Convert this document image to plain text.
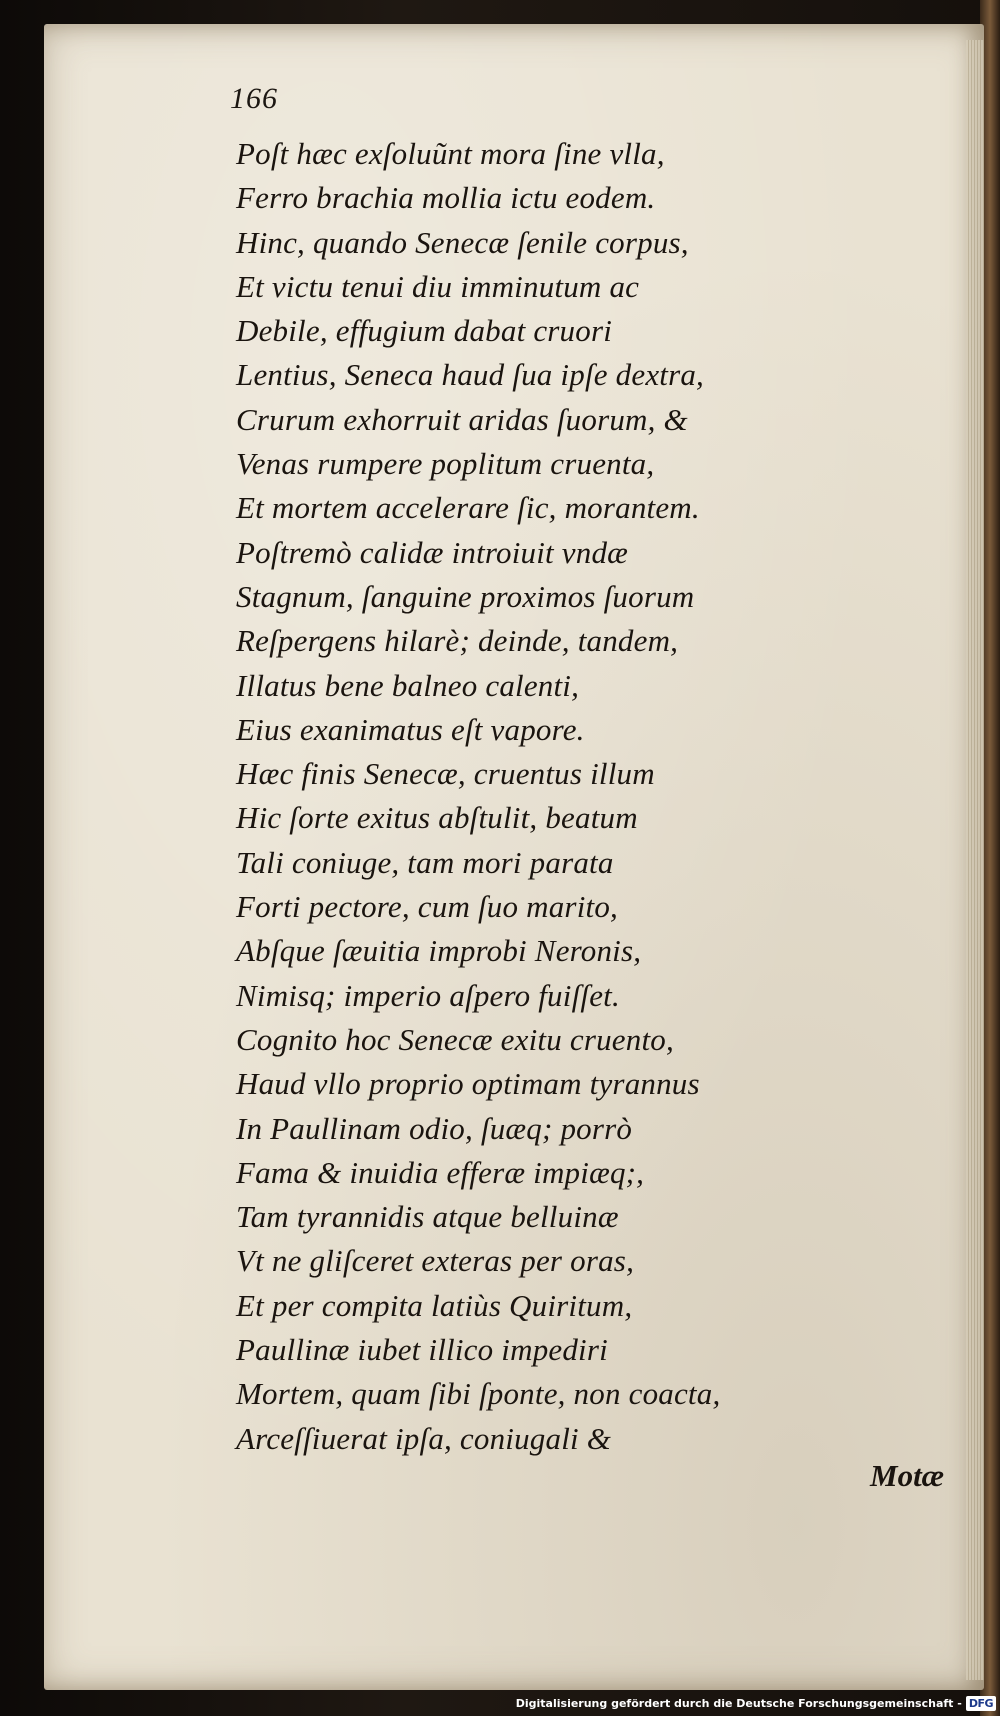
166
Poſt hæc exſoluũnt mora ſine vlla,
Ferro brachia mollia ictu eodem.
Hinc, quando Senecæ ſenile corpus,
Et victu tenui diu imminutum ac
Debile, effugium dabat cruori
Lentius, Seneca haud ſua ipſe dextra,
Crurum exhorruit aridas ſuorum, &
Venas rumpere poplitum cruenta,
Et mortem accelerare ſic, morantem.
Poſtremò calidæ introiuit vndæ
Stagnum, ſanguine proximos ſuorum
Reſpergens hilarè; deinde, tandem,
Illatus bene balneo calenti,
Eius exanimatus eſt vapore.
Hæc finis Senecæ, cruentus illum
Hic ſorte exitus abſtulit, beatum
Tali coniuge, tam mori parata
Forti pectore, cum ſuo marito,
Abſque ſæuitia improbi Neronis,
Nimisq; imperio aſpero fuiſſet.
Cognito hoc Senecæ exitu cruento,
Haud vllo proprio optimam tyrannus
In Paullinam odio, ſuæq; porrò
Fama & inuidia efferæ impiæq;,
Tam tyrannidis atque belluinæ
Vt ne gliſceret exteras per oras,
Et per compita latiùs Quiritum,
Paullinæ iubet illico impediri
Mortem, quam ſibi ſponte, non coacta,
Arceſſiuerat ipſa, coniugali &
Motæ
Digitalisierung gefördert durch die Deutsche Forschungsgemeinschaft - DFG
